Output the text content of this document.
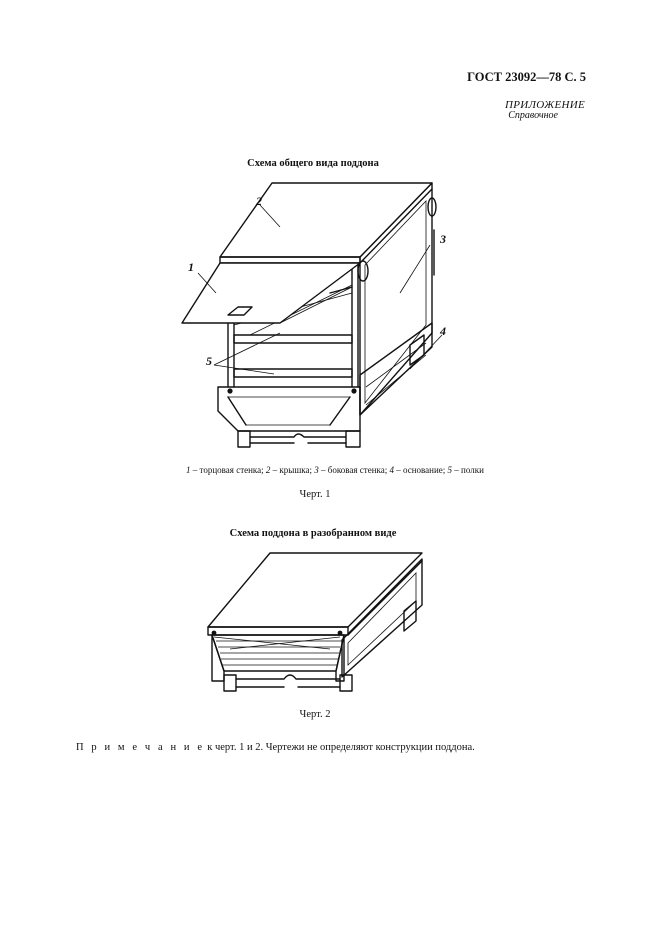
ГОСТ 23092—78 С. 5
ПРИЛОЖЕНИЕ
Справочное
Схема общего вида поддона
2
1
3
4
5
1 – торцовая стенка; 2 – крышка; 3 – боковая стенка; 4 – основание; 5 – полки
Черт. 1
Схема поддона в разобранном виде
Черт. 2
П р и м е ч а н и е к черт. 1 и 2. Чертежи не определяют конструкции поддона.
